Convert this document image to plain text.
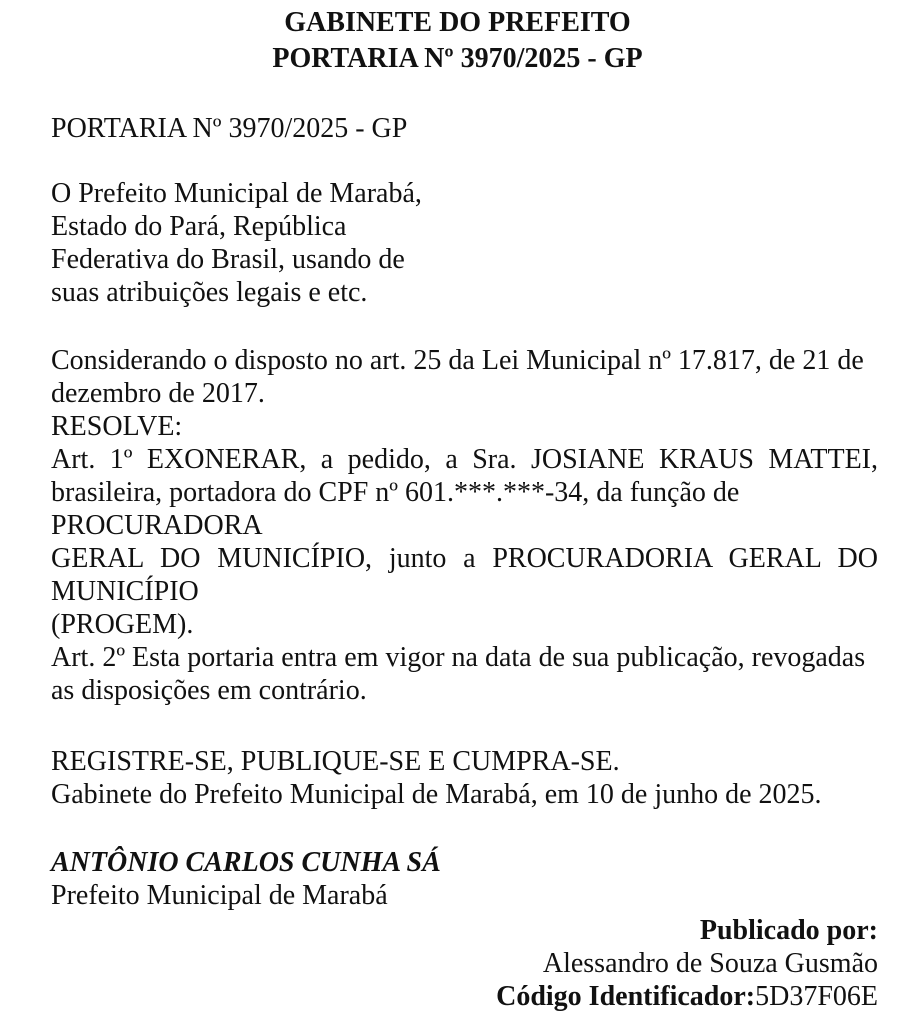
GABINETE DO PREFEITO
PORTARIA Nº 3970/2025 - GP

PORTARIA Nº 3970/2025 - GP

O Prefeito Municipal de Marabá,

Estado do Pará, República

Federativa do Brasil, usando de

suas atribuições legais e etc.

Considerando o disposto no art. 25 da Lei Municipal nº 17.817, de 21 de dezembro de 2017.

RESOLVE:

Art. 1º EXONERAR, a pedido, a Sra. JOSIANE KRAUS MATTEI, brasileira, portadora do CPF nº 601.***.***-34, da função de

PROCURADORA

GERAL DO MUNICÍPIO, junto a PROCURADORIA GERAL DO MUNICÍPIO

(PROGEM).

Art. 2º Esta portaria entra em vigor na data de sua publicação, revogadas as disposições em contrário.

REGISTRE-SE, PUBLIQUE-SE E CUMPRA-SE.

Gabinete do Prefeito Municipal de Marabá, em 10 de junho de 2025.

ANTÔNIO CARLOS CUNHA SÁ

Prefeito Municipal de Marabá

Publicado por:

Alessandro de Souza Gusmão

Código Identificador:5D37F06E
